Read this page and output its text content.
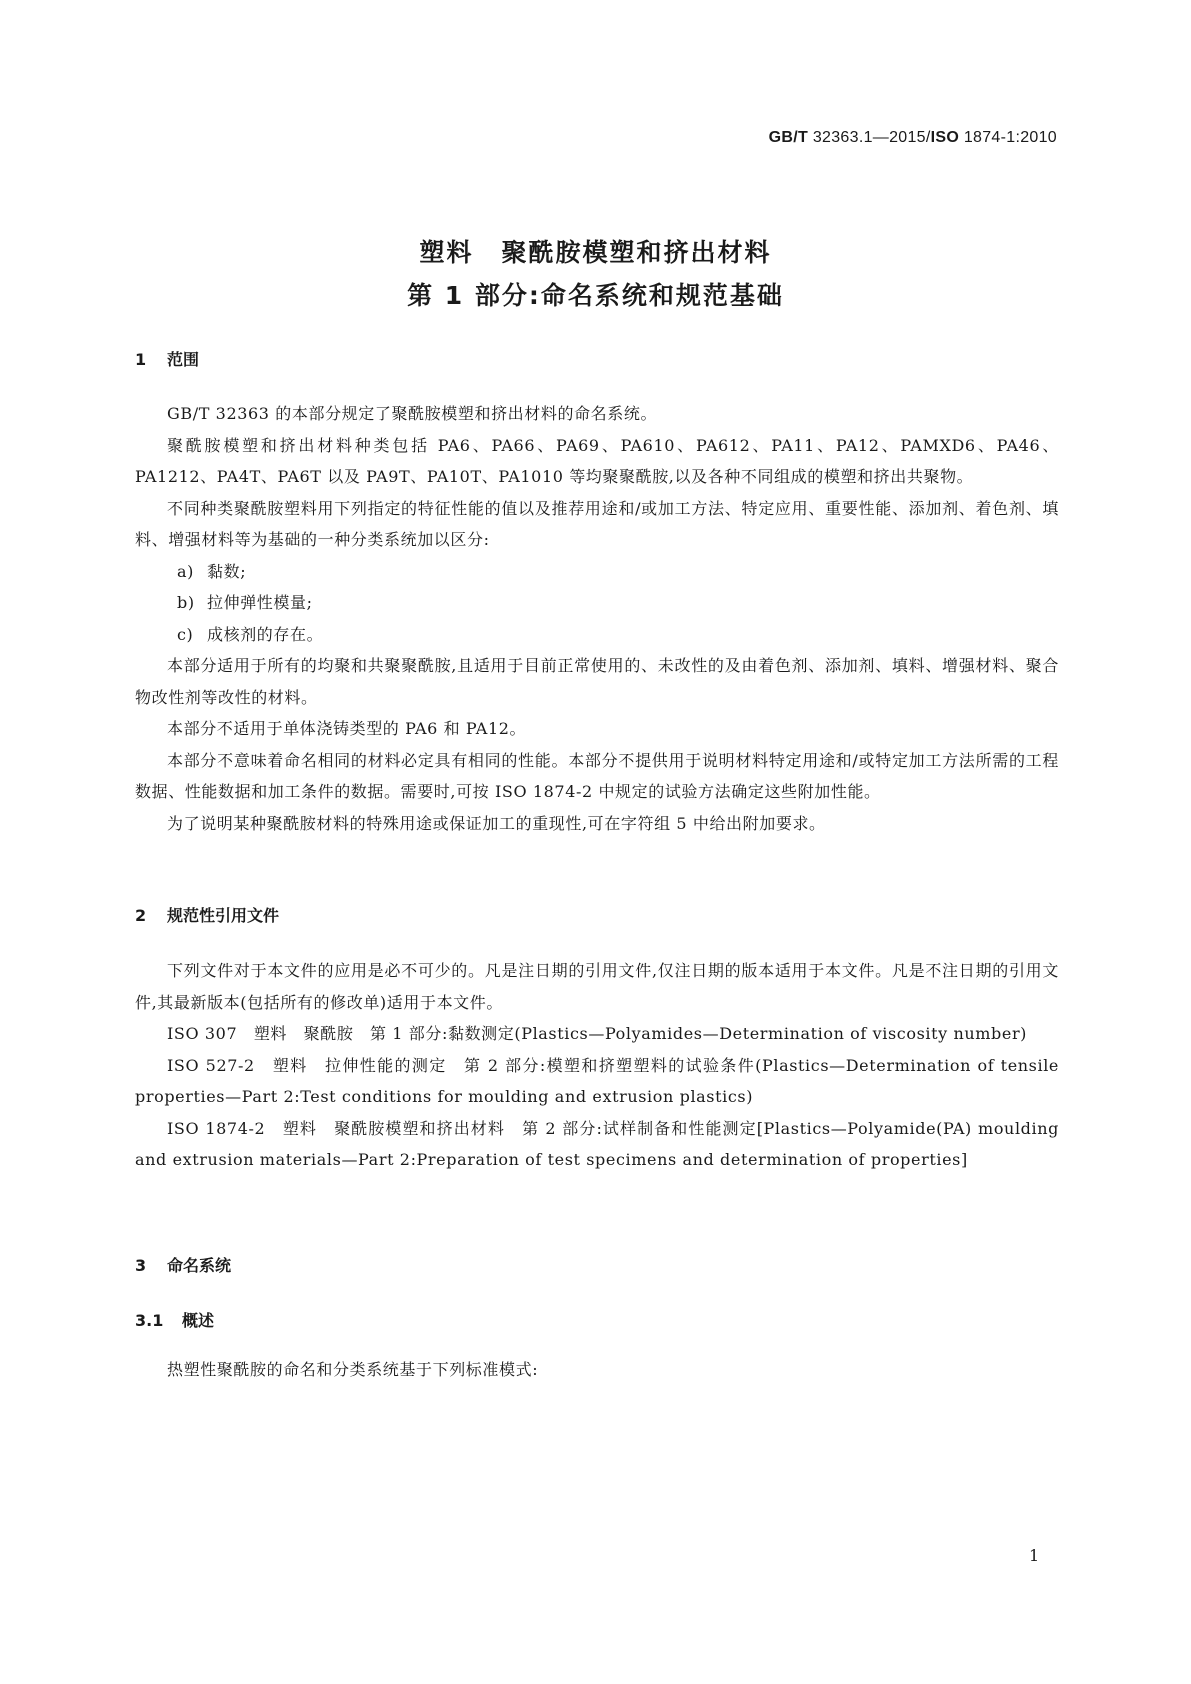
GB/T 32363.1—2015/ISO 1874-1:2010
塑料 聚酰胺模塑和挤出材料
第 1 部分:命名系统和规范基础
1 范围

GB/T 32363 的本部分规定了聚酰胺模塑和挤出材料的命名系统。

聚酰胺模塑和挤出材料种类包括 PA6、PA66、PA69、PA610、PA612、PA11、PA12、PAMXD6、PA46、PA1212、PA4T、PA6T 以及 PA9T、PA10T、PA1010 等均聚聚酰胺,以及各种不同组成的模塑和挤出共聚物。

不同种类聚酰胺塑料用下列指定的特征性能的值以及推荐用途和/或加工方法、特定应用、重要性能、添加剂、着色剂、填料、增强材料等为基础的一种分类系统加以区分:

a) 黏数;

b) 拉伸弹性模量;

c) 成核剂的存在。

本部分适用于所有的均聚和共聚聚酰胺,且适用于目前正常使用的、未改性的及由着色剂、添加剂、填料、增强材料、聚合物改性剂等改性的材料。

本部分不适用于单体浇铸类型的 PA6 和 PA12。

本部分不意味着命名相同的材料必定具有相同的性能。本部分不提供用于说明材料特定用途和/或特定加工方法所需的工程数据、性能数据和加工条件的数据。需要时,可按 ISO 1874-2 中规定的试验方法确定这些附加性能。

为了说明某种聚酰胺材料的特殊用途或保证加工的重现性,可在字符组 5 中给出附加要求。

2 规范性引用文件

下列文件对于本文件的应用是必不可少的。凡是注日期的引用文件,仅注日期的版本适用于本文件。凡是不注日期的引用文件,其最新版本(包括所有的修改单)适用于本文件。

ISO 307　塑料　聚酰胺　第 1 部分:黏数测定(Plastics—Polyamides—Determination of viscosity number)

ISO 527-2　塑料　拉伸性能的测定　第 2 部分:模塑和挤塑塑料的试验条件(Plastics—Determination of tensile properties—Part 2:Test conditions for moulding and extrusion plastics)

ISO 1874-2　塑料　聚酰胺模塑和挤出材料　第 2 部分:试样制备和性能测定[Plastics—Polyamide(PA) moulding and extrusion materials—Part 2:Preparation of test specimens and determination of properties]

3 命名系统
3.1 概述

热塑性聚酰胺的命名和分类系统基于下列标准模式:

1
